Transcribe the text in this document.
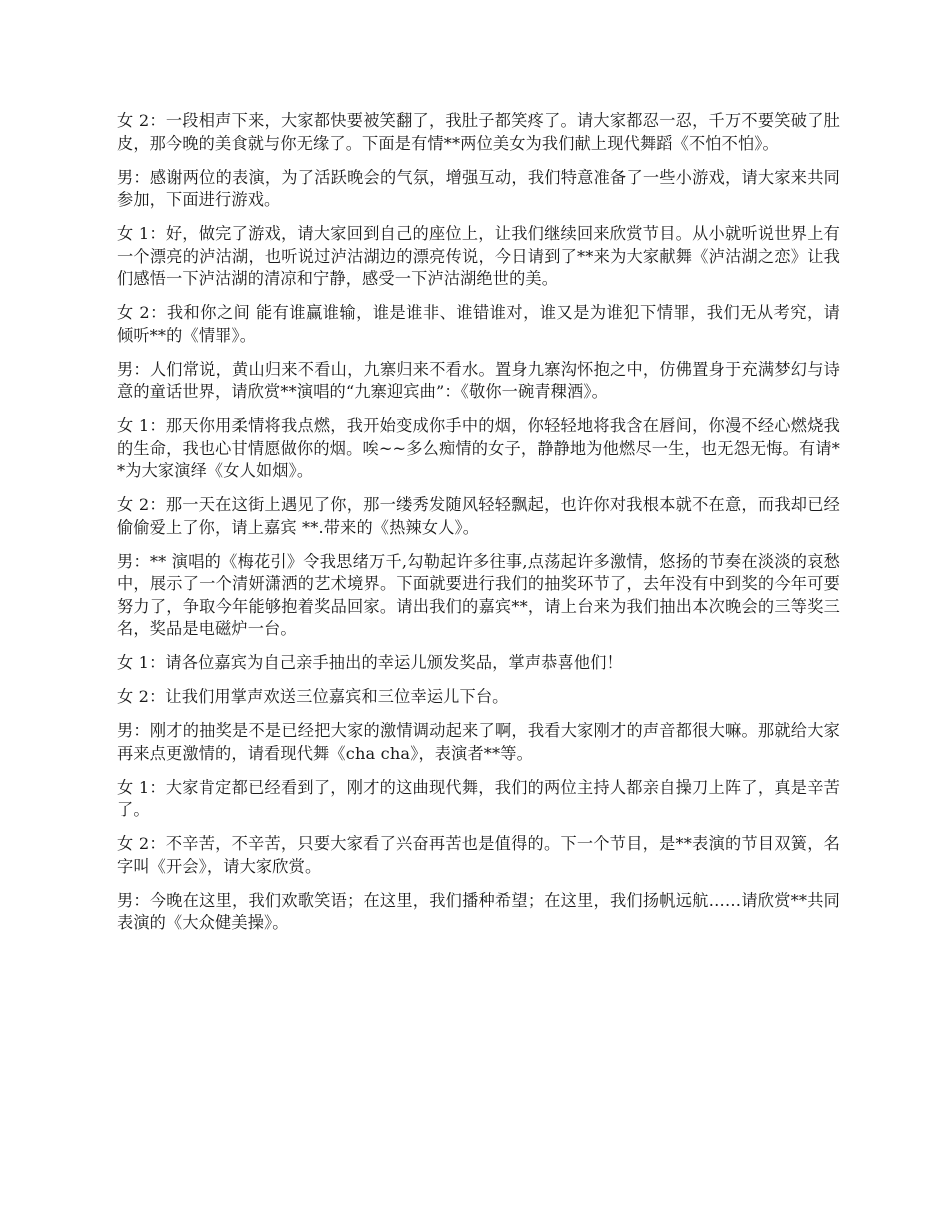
女 2：一段相声下来，大家都快要被笑翻了，我肚子都笑疼了。请大家都忍一忍，千万不要笑破了肚皮，那今晚的美食就与你无缘了。下面是有情**两位美女为我们献上现代舞蹈《不怕不怕》。

男：感谢两位的表演，为了活跃晚会的气氛，增强互动，我们特意准备了一些小游戏，请大家来共同参加，下面进行游戏。

女 1：好，做完了游戏，请大家回到自己的座位上，让我们继续回来欣赏节目。从小就听说世界上有一个漂亮的泸沽湖，也听说过泸沽湖边的漂亮传说，今日请到了**来为大家献舞《泸沽湖之恋》让我们感悟一下泸沽湖的清凉和宁静，感受一下泸沽湖绝世的美。

女 2：我和你之间 能有谁赢谁输，谁是谁非、谁错谁对，谁又是为谁犯下情罪，我们无从考究，请倾听**的《情罪》。

男：人们常说，黄山归来不看山，九寨归来不看水。置身九寨沟怀抱之中，仿佛置身于充满梦幻与诗意的童话世界，请欣赏**演唱的“九寨迎宾曲”：《敬你一碗青稞酒》。

女 1：那天你用柔情将我点燃，我开始变成你手中的烟，你轻轻地将我含在唇间，你漫不经心燃烧我的生命，我也心甘情愿做你的烟。唉~~多么痴情的女子，静静地为他燃尽一生，也无怨无悔。有请**为大家演绎《女人如烟》。

女 2：那一天在这街上遇见了你，那一缕秀发随风轻轻飘起，也许你对我根本就不在意，而我却已经偷偷爱上了你，请上嘉宾 **.带来的《热辣女人》。

男：** 演唱的《梅花引》令我思绪万千,勾勒起许多往事,点荡起许多激情，悠扬的节奏在淡淡的哀愁中，展示了一个清妍潇洒的艺术境界。下面就要进行我们的抽奖环节了，去年没有中到奖的今年可要努力了，争取今年能够抱着奖品回家。请出我们的嘉宾**，请上台来为我们抽出本次晚会的三等奖三名，奖品是电磁炉一台。

女 1：请各位嘉宾为自己亲手抽出的幸运儿颁发奖品，掌声恭喜他们！

女 2：让我们用掌声欢送三位嘉宾和三位幸运儿下台。

男：刚才的抽奖是不是已经把大家的激情调动起来了啊，我看大家刚才的声音都很大嘛。那就给大家再来点更激情的，请看现代舞《cha cha》，表演者**等。

女 1：大家肯定都已经看到了，刚才的这曲现代舞，我们的两位主持人都亲自操刀上阵了，真是辛苦了。

女 2：不辛苦，不辛苦，只要大家看了兴奋再苦也是值得的。下一个节目，是**表演的节目双簧，名字叫《开会》，请大家欣赏。

男：今晚在这里，我们欢歌笑语；在这里，我们播种希望；在这里，我们扬帆远航……请欣赏**共同表演的《大众健美操》。
